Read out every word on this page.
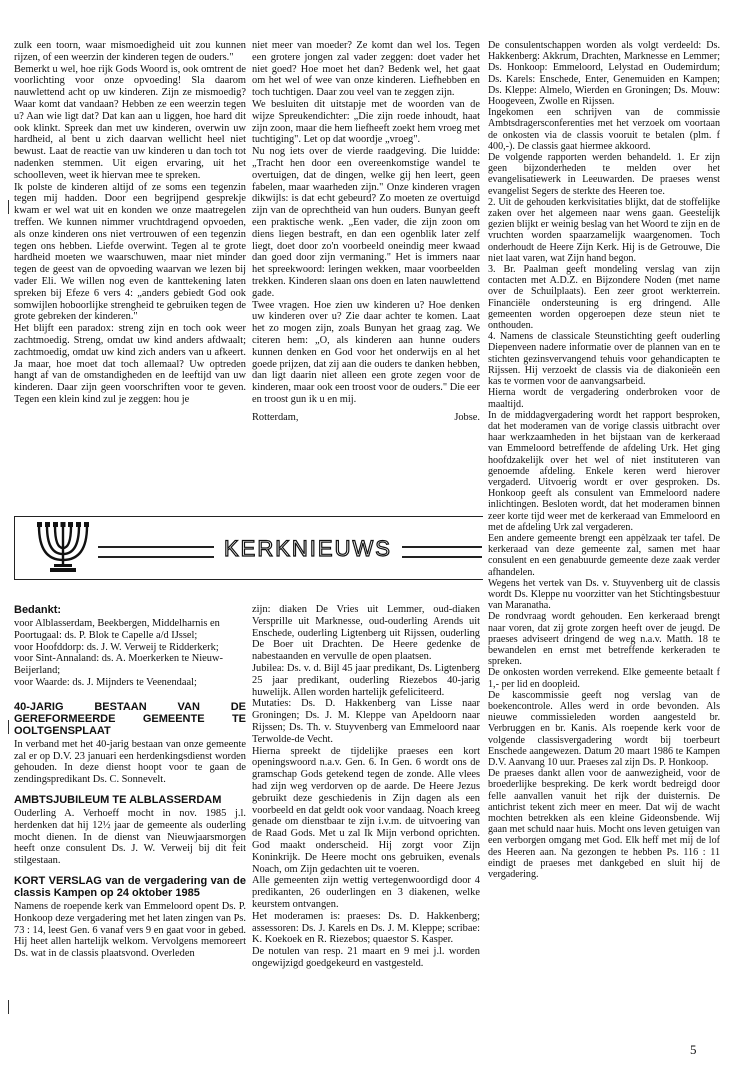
zulk een toorn, waar mismoedigheid uit zou kunnen rijzen, of een weerzin der kinderen tegen de ouders."

Bemerkt u wel, hoe rijk Gods Woord is, ook omtrent de voorlichting voor onze opvoeding! Sla daarom nauwlettend acht op uw kinderen. Zijn ze mismoedig? Waar komt dat vandaan? Hebben ze een weerzin tegen u? Aan wie ligt dat? Dat kan aan u liggen, hoe hard dit ook klinkt. Spreek dan met uw kinderen, overwin uw hardheid, al bent u zich daarvan wellicht heel niet bewust. Laat de reactie van uw kinderen u dan toch tot nadenken stemmen. Uit eigen ervaring, uit het schoolleven, weet ik hiervan mee te spreken.

Ik polste de kinderen altijd of ze soms een tegenzin tegen mij hadden. Door een begrijpend gesprekje kwam er wel wat uit en konden we onze maatregelen treffen. We kunnen nimmer vruchtdragend opvoeden, als onze kinderen ons niet vertrouwen of een tegenzin tegen ons hebben. Liefde overwint. Tegen al te grote hardheid moeten we waarschuwen, maar niet minder tegen de geest van de opvoeding waarvan we lezen bij vader Eli. We willen nog even de kanttekening laten spreken bij Efeze 6 vers 4: „anders gebiedt God ook somwijlen hoboorlijke strengheid te gebruiken tegen de grote gebreken der kinderen."

Het blijft een paradox: streng zijn en toch ook weer zachtmoedig. Streng, omdat uw kind anders afdwaalt; zachtmoedig, omdat uw kind zich anders van u afkeert. Ja maar, hoe moet dat toch allemaal? Uw optreden hangt af van de omstandigheden en de leeftijd van uw kinderen. Daar zijn geen voorschriften voor te geven. Tegen een klein kind zul je zeggen: hou je

niet meer van moeder? Ze komt dan wel los. Tegen een grotere jongen zal vader zeggen: doet vader het niet goed? Hoe moet het dan? Bedenk wel, het gaat om het wel of wee van onze kinderen. Liefhebben en toch tuchtigen. Daar zou veel van te zeggen zijn.

We besluiten dit uitstapje met de woorden van de wijze Spreukendichter: „Die zijn roede inhoudt, haat zijn zoon, maar die hem liefheeft zoekt hem vroeg met tuchtiging". Let op dat woordje „vroeg".

Nu nog iets over de vierde raadgeving. Die luidde: „Tracht hen door een overeenkomstige wandel te overtuigen, dat de dingen, welke gij hen leert, geen fabelen, maar waarheden zijn." Onze kinderen vragen dikwijls: is dat echt gebeurd? Zo moeten ze overtuigd zijn van de oprechtheid van hun ouders. Bunyan geeft een praktische wenk. „Een vader, die zijn zoon om diens liegen bestraft, en dan een ogenblik later zelf liegt, doet door zo'n voorbeeld oneindig meer kwaad dan goed door zijn vermaning." Het is immers naar het spreekwoord: leringen wekken, maar voorbeelden trekken. Kinderen slaan ons doen en laten nauwlettend gade.

Twee vragen. Hoe zien uw kinderen u? Hoe denken uw kinderen over u? Zie daar achter te komen. Laat het zo mogen zijn, zoals Bunyan het graag zag. We citeren hem: „O, als kinderen aan hunne ouders kunnen denken en God voor het onderwijs en al het goede prijzen, dat zij aan die ouders te danken hebben, dan ligt daarin niet alleen een grote zegen voor de kinderen, maar ook een troost voor de ouders." Die eer en troost gun ik u en mij.

Rotterdam,	Jobse.
KERKNIEUWS
Bedankt:

voor Alblasserdam, Beekbergen, Middelharnis en Poortugaal: ds. P. Blok te Capelle a/d IJssel;

voor Hoofddorp: ds. J. W. Verweij te Ridderkerk;

voor Sint-Annaland: ds. A. Moerkerken te Nieuw-Beijerland;

voor Waarde: ds. J. Mijnders te Veenendaal;

40-JARIG BESTAAN VAN DE GEREFORMEERDE GEMEENTE TE OOLTGENSPLAAT

In verband met het 40-jarig bestaan van onze gemeente zal er op D.V. 23 januari een herdenkingsdienst worden gehouden. In deze dienst hoopt voor te gaan de zendingspredikant Ds. C. Sonnevelt.

AMBTSJUBILEUM TE ALBLASSERDAM

Ouderling A. Verhoeff mocht in nov. 1985 j.l. herdenken dat hij 12½ jaar de gemeente als ouderling mocht dienen. In de dienst van Nieuwjaarsmorgen heeft onze consulent Ds. J. W. Verweij bij dit feit stilgestaan.

KORT VERSLAG van de vergadering van de classis Kampen op 24 oktober 1985

Namens de roepende kerk van Emmeloord opent Ds. P. Honkoop deze vergadering met het laten zingen van Ps. 73 : 14, leest Gen. 6 vanaf vers 9 en gaat voor in gebed. Hij heet allen hartelijk welkom. Vervolgens memoreert Ds. wat in de classis plaatsvond. Overleden

zijn: diaken De Vries uit Lemmer, oud-diaken Versprille uit Marknesse, oud-ouderling Arends uit Enschede, ouderling Ligtenberg uit Rijssen, ouderling De Boer uit Drachten. De Heere gedenke de nabestaanden en vervulle de open plaatsen.

Jubilea: Ds. v. d. Bijl 45 jaar predikant, Ds. Ligtenberg 25 jaar predikant, ouderling Riezebos 40-jarig huwelijk. Allen worden hartelijk gefeliciteerd.

Mutaties: Ds. D. Hakkenberg van Lisse naar Groningen; Ds. J. M. Kleppe van Apeldoorn naar Rijssen; Ds. Th. v. Stuyvenberg van Emmeloord naar Terwolde-de Vecht.

Hierna spreekt de tijdelijke praeses een kort openingswoord n.a.v. Gen. 6. In Gen. 6 wordt ons de gramschap Gods getekend tegen de zonde. Alle vlees had zijn weg verdorven op de aarde. De Heere Jezus gebruikt deze geschiedenis in Zijn dagen als een voorbeeld en dat geldt ook voor vandaag. Noach kreeg genade om dienstbaar te zijn i.v.m. de uitvoering van de Raad Gods. Met u zal Ik Mijn verbond oprichten. God maakt onderscheid. Hij zorgt voor Zijn Koninkrijk. De Heere mocht ons gebruiken, evenals Noach, om Zijn gedachten uit te voeren.

Alle gemeenten zijn wettig vertegenwoordigd door 4 predikanten, 26 ouderlingen en 3 diakenen, welke keurstem ontvangen.

Het moderamen is: praeses: Ds. D. Hakkenberg; assessoren: Ds. J. Karels en Ds. J. M. Kleppe; scribae: K. Koekoek en R. Riezebos; quaestor S. Kasper.

De notulen van resp. 21 maart en 9 mei j.l. worden ongewijzigd goedgekeurd en vastgesteld.

De consulentschappen worden als volgt verdeeld: Ds. Hakkenberg: Akkrum, Drachten, Marknesse en Lemmer; Ds. Honkoop: Emmeloord, Lelystad en Oudemirdum; Ds. Karels: Enschede, Enter, Genemuiden en Kampen; Ds. Kleppe: Almelo, Wierden en Groningen; Ds. Mouw: Hoogeveen, Zwolle en Rijssen.

Ingekomen een schrijven van de commissie Ambtsdragersconferenties met het verzoek om voortaan de onkosten via de classis vooruit te betalen (plm. f 400,-). De classis gaat hiermee akkoord.

De volgende rapporten werden behandeld. 1. Er zijn geen bijzonderheden te melden over het evangelisatiewerk in Leeuwarden. De praeses wenst evangelist Segers de sterkte des Heeren toe.

2. Uit de gehouden kerkvisitaties blijkt, dat de stoffelijke zaken over het algemeen naar wens gaan. Geestelijk gezien blijkt er weinig beslag van het Woord te zijn en de vruchten worden spaarzamelijk waargenomen. Toch onderhoudt de Heere Zijn Kerk. Hij is de Getrouwe, Die niet laat varen, wat Zijn hand begon.

3. Br. Paalman geeft mondeling verslag van zijn contacten met A.D.Z. en Bijzondere Noden (met name over de Schuilplaats). Een zeer groot werkterrein. Financiële ondersteuning is erg dringend. Alle gemeenten worden opgeroepen deze steun niet te onthouden.

4. Namens de classicale Steunstichting geeft ouderling Diepenveen nadere informatie over de plannen van en te stichten gezinsvervangend tehuis voor gehandicapten te Rijssen. Hij verzoekt de classis via de diakonieën een kas te vormen voor de aanvangsarbeid.

Hierna wordt de vergadering onderbroken voor de maaltijd.

In de middagvergadering wordt het rapport besproken, dat het moderamen van de vorige classis uitbracht over haar werkzaamheden in het bijstaan van de kerkeraad van Emmeloord betreffende de afdeling Urk. Het ging hoofdzakelijk over het wel of niet instituteren van genoemde afdeling. Enkele keren werd hierover vergaderd. Uitvoerig wordt er over gesproken. Ds. Honkoop geeft als consulent van Emmeloord nadere inlichtingen. Besloten wordt, dat het moderamen binnen zeer korte tijd weer met de kerkeraad van Emmeloord en met de afdeling Urk zal vergaderen.

Een andere gemeente brengt een appèlzaak ter tafel. De kerkeraad van deze gemeente zal, samen met haar consulent en een genabuurde gemeente deze zaak verder afhandelen.

Wegens het vertek van Ds. v. Stuyvenberg uit de classis wordt Ds. Kleppe nu voorzitter van het Stichtingsbestuur van Maranatha.

De rondvraag wordt gehouden. Een kerkeraad brengt naar voren, dat zij grote zorgen heeft over de jeugd. De praeses adviseert dringend de weg n.a.v. Matth. 18 te bewandelen en ernst met betreffende kerkeraden te spreken.

De onkosten worden verrekend. Elke gemeente betaalt f 1,- per lid en doopleid.

De kascommissie geeft nog verslag van de boekencontrole. Alles werd in orde bevonden. Als nieuwe commissieleden worden aangesteld br. Verbruggen en br. Kanis. Als roepende kerk voor de volgende classisvergadering wordt bij toerbeurt Enschede aangewezen. Datum 20 maart 1986 te Kampen D.V. Aanvang 10 uur. Praeses zal zijn Ds. P. Honkoop.

De praeses dankt allen voor de aanwezigheid, voor de broederlijke bespreking. De kerk wordt bedreigd door felle aanvallen vanuit het rijk der duisternis. De antichrist tekent zich meer en meer. Dat wij de wacht mochten betrekken als een kleine Gideonsbende. Wij gaan met schuld naar huis. Mocht ons leven getuigen van een verborgen omgang met God. Elk heff met mij de lof des Heeren aan. Na gezongen te hebben Ps. 116 : 11 eindigt de praeses met dankgebed en sluit hij de vergadering.

5
